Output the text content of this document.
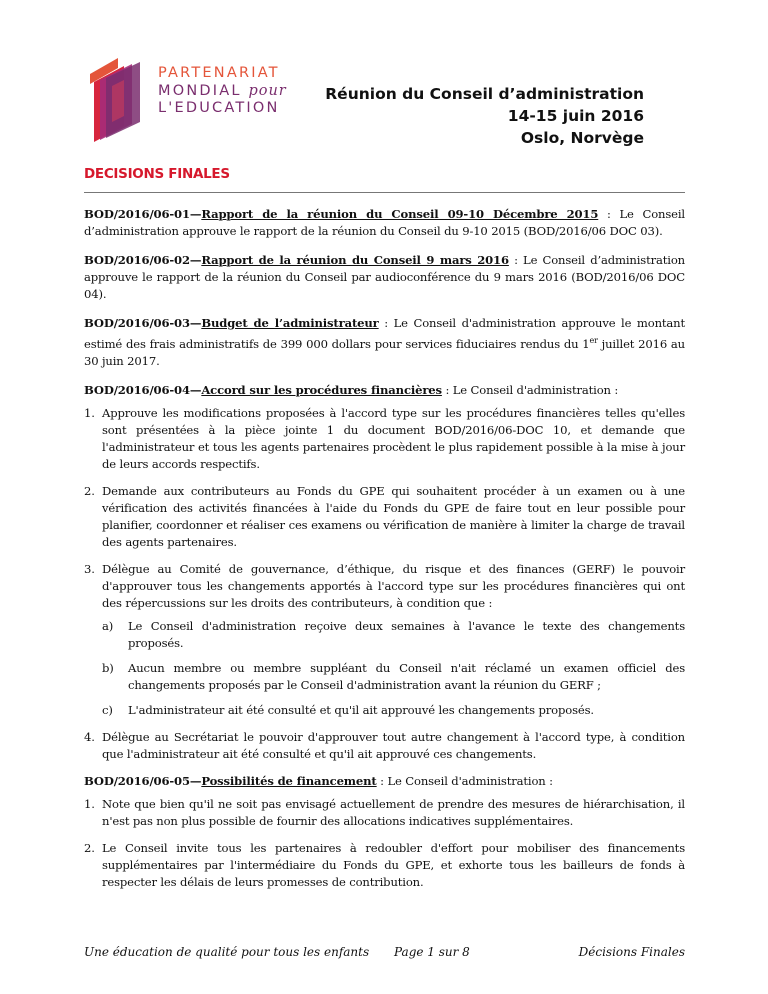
PARTENARIAT
MONDIAL pour
L'EDUCATION
Réunion du Conseil d’administration
14-15 juin 2016
Oslo, Norvège
DECISIONS FINALES

BOD/2016/06-01—Rapport de la réunion du Conseil 09-10 Décembre 2015 : Le Conseil d’administration approuve le rapport de la réunion du Conseil du 9-10 2015 (BOD/2016/06 DOC 03).

BOD/2016/06-02—Rapport de la réunion du Conseil 9 mars 2016 : Le Conseil d’administration approuve le rapport de la réunion du Conseil par audioconférence du 9 mars 2016 (BOD/2016/06 DOC 04).

BOD/2016/06-03—Budget de l’administrateur : Le Conseil d'administration approuve le montant estimé des frais administratifs de 399 000 dollars pour services fiduciaires rendus du 1er juillet 2016 au 30 juin 2017.

BOD/2016/06-04—Accord sur les procédures financières : Le Conseil d'administration :

1. Approuve les modifications proposées à l'accord type sur les procédures financières telles qu'elles sont présentées à la pièce jointe 1 du document BOD/2016/06-DOC 10, et demande que l'administrateur et tous les agents partenaires procèdent le plus rapidement possible à la mise à jour de leurs accords respectifs.
2. Demande aux contributeurs au Fonds du GPE qui souhaitent procéder à un examen ou à une vérification des activités financées à l'aide du Fonds du GPE de faire tout en leur possible pour planifier, coordonner et réaliser ces examens ou vérification de manière à limiter la charge de travail des agents partenaires.
3. Délègue au Comité de gouvernance, d’éthique, du risque et des finances (GERF) le pouvoir d'approuver tous les changements apportés à l'accord type sur les procédures financières qui ont des répercussions sur les droits des contributeurs, à condition que :
a) Le Conseil d'administration reçoive deux semaines à l'avance le texte des changements proposés.
b) Aucun membre ou membre suppléant du Conseil n'ait réclamé un examen officiel des changements proposés par le Conseil d'administration avant la réunion du GERF ;
c) L'administrateur ait été consulté et qu'il ait approuvé les changements proposés.
4. Délègue au Secrétariat le pouvoir d'approuver tout autre changement à l'accord type, à condition que l'administrateur ait été consulté et qu'il ait approuvé ces changements.

BOD/2016/06-05—Possibilités de financement : Le Conseil d'administration :

1. Note que bien qu'il ne soit pas envisagé actuellement de prendre des mesures de hiérarchisation, il n'est pas non plus possible de fournir des allocations indicatives supplémentaires.
2. Le Conseil invite tous les partenaires à redoubler d'effort pour mobiliser des financements supplémentaires par l'intermédiaire du Fonds du GPE, et exhorte tous les bailleurs de fonds à respecter les délais de leurs promesses de contribution.
Une éducation de qualité pour tous les enfants Page 1 sur 8	Décisions Finales
